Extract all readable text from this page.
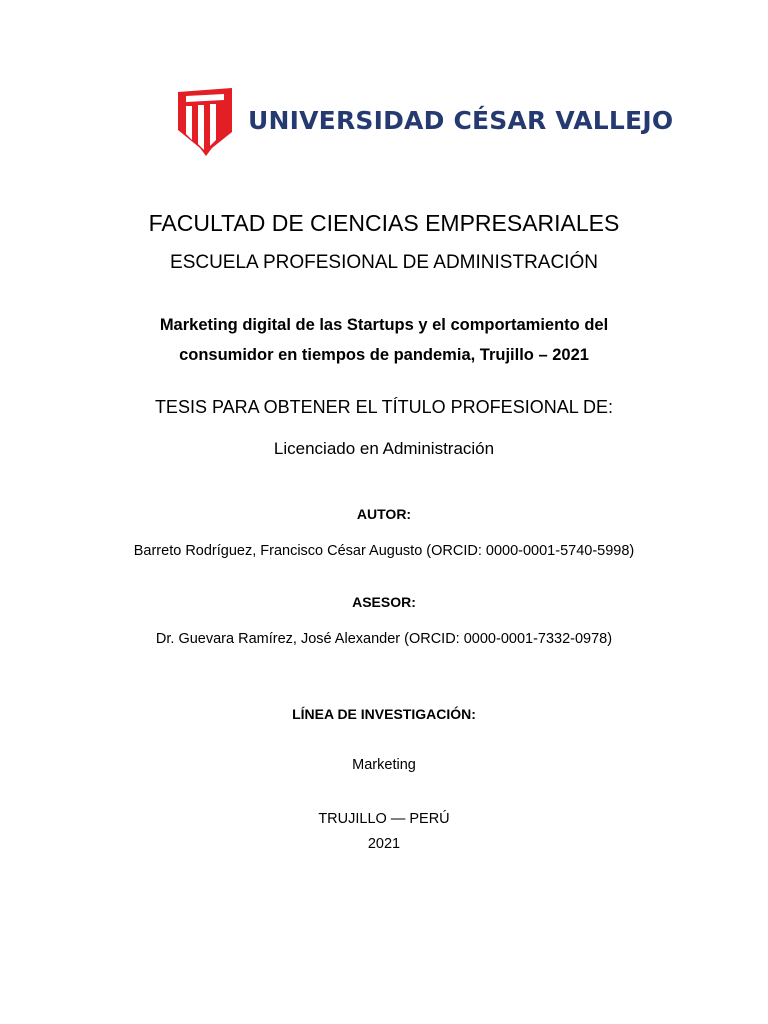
UNIVERSIDAD CÉSAR VALLEJO
FACULTAD DE CIENCIAS EMPRESARIALES
ESCUELA PROFESIONAL DE ADMINISTRACIÓN
Marketing digital de las Startups y el comportamiento del
consumidor en tiempos de pandemia, Trujillo – 2021
TESIS PARA OBTENER EL TÍTULO PROFESIONAL DE:
Licenciado en Administración
AUTOR:
Barreto Rodríguez, Francisco César Augusto (ORCID: 0000-0001-5740-5998)
ASESOR:
Dr. Guevara Ramírez, José Alexander (ORCID: 0000-0001-7332-0978)
LÍNEA DE INVESTIGACIÓN:
Marketing
TRUJILLO — PERÚ
2021
